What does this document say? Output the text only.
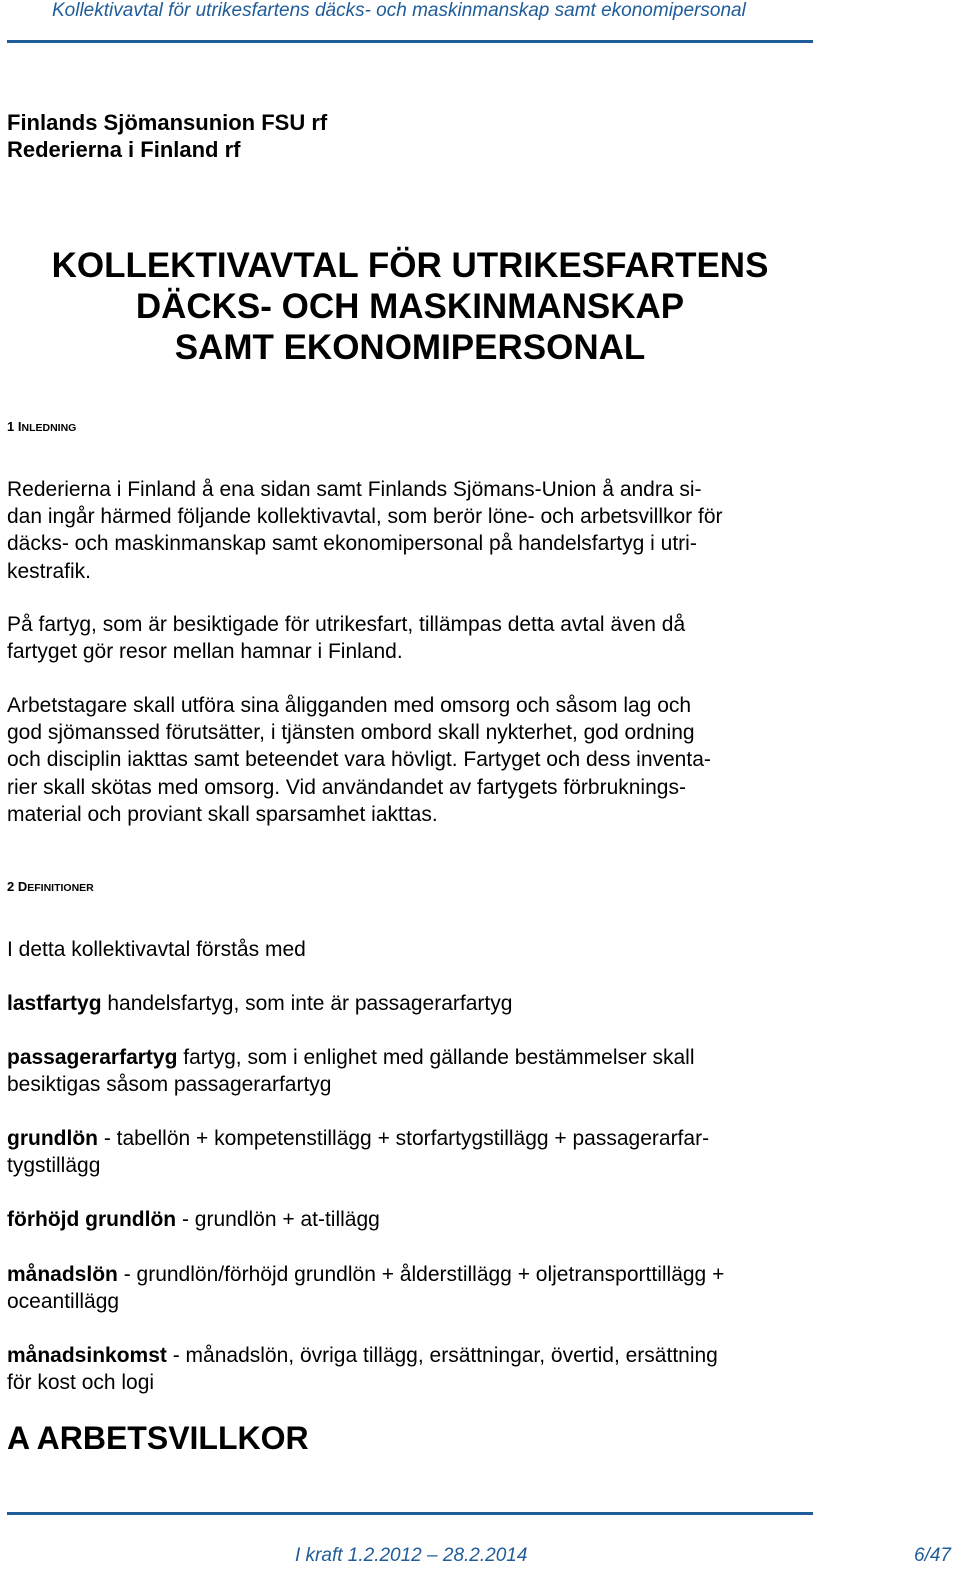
Kollektivavtal för utrikesfartens däcks- och maskinmanskap samt ekonomipersonal
Finlands Sjömansunion FSU rf
Rederierna i Finland rf
KOLLEKTIVAVTAL FÖR UTRIKESFARTENS
DÄCKS- OCH MASKINMANSKAP
SAMT EKONOMIPERSONAL
1 INLEDNING
Rederierna i Finland å ena sidan samt Finlands Sjömans-Union å andra si-
dan ingår härmed följande kollektivavtal, som berör löne- och arbetsvillkor för
däcks- och maskinmanskap samt ekonomipersonal på handelsfartyg i utri-
kestrafik.
På fartyg, som är besiktigade för utrikesfart, tillämpas detta avtal även då
fartyget gör resor mellan hamnar i Finland.
Arbetstagare skall utföra sina åligganden med omsorg och såsom lag och
god sjömanssed förutsätter, i tjänsten ombord skall nykterhet, god ordning
och disciplin iakttas samt beteendet vara hövligt. Fartyget och dess inventa-
rier skall skötas med omsorg. Vid användandet av fartygets förbruknings-
material och proviant skall sparsamhet iakttas.
2 DEFINITIONER
I detta kollektivavtal förstås med
lastfartyg handelsfartyg, som inte är passagerarfartyg
passagerarfartyg fartyg, som i enlighet med gällande bestämmelser skall
besiktigas såsom passagerarfartyg
grundlön - tabellön + kompetenstillägg + storfartygstillägg + passagerarfar-
tygstillägg
förhöjd grundlön - grundlön + at-tillägg
månadslön - grundlön/förhöjd grundlön + ålderstillägg + oljetransporttillägg +
oceantillägg
månadsinkomst - månadslön, övriga tillägg, ersättningar, övertid, ersättning
för kost och logi
A ARBETSVILLKOR
I kraft 1.2.2012 – 28.2.2014	6/47
